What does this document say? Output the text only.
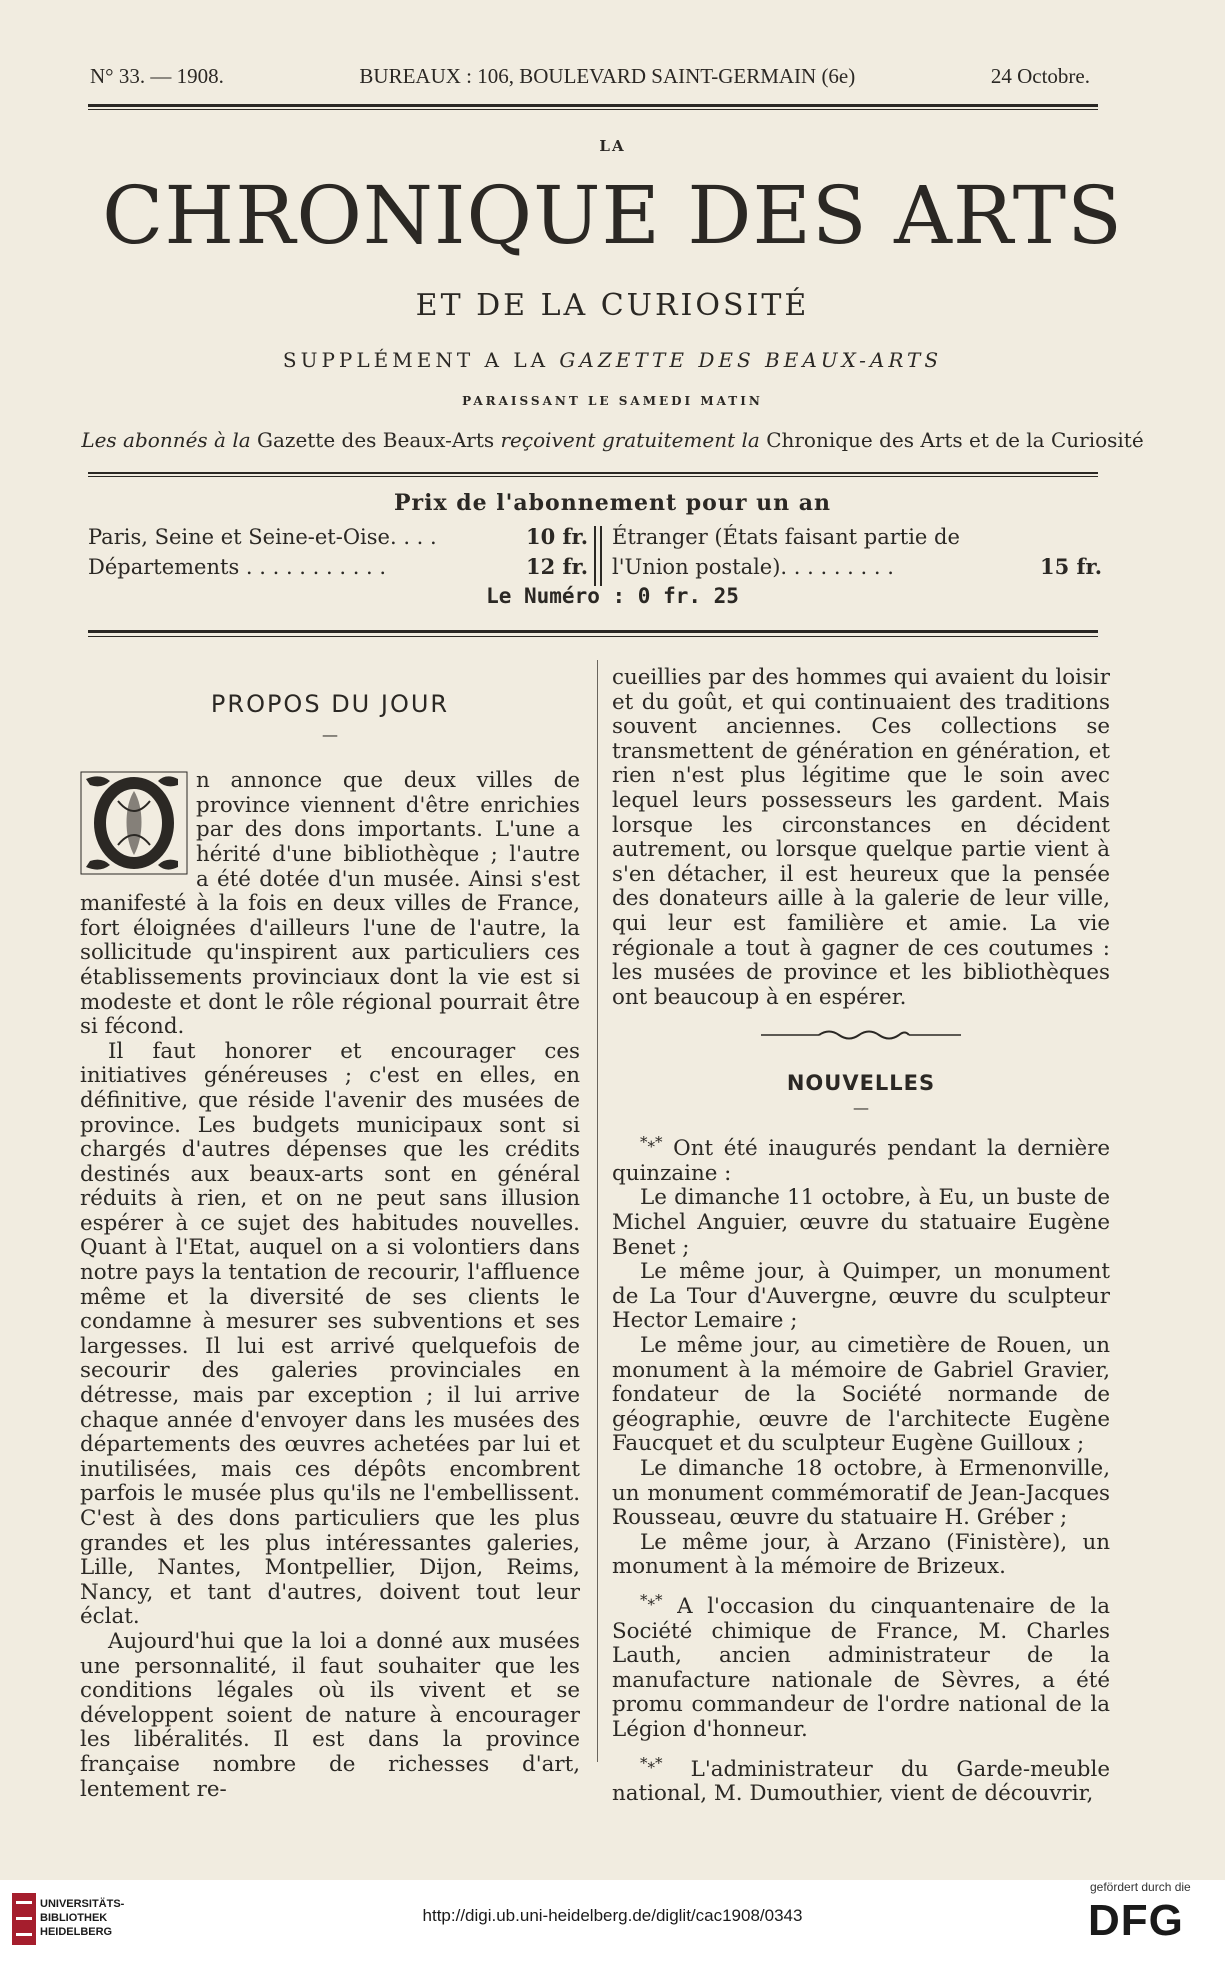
N° 33. — 1908.	BUREAUX : 106, BOULEVARD SAINT-GERMAIN (6e)	24 Octobre.
LA
CHRONIQUE DES ARTS
ET DE LA CURIOSITÉ
SUPPLÉMENT A LA GAZETTE DES BEAUX-ARTS
PARAISSANT LE SAMEDI MATIN
Les abonnés à la Gazette des Beaux-Arts reçoivent gratuitement la Chronique des Arts et de la Curiosité
Prix de l'abonnement pour un an
Paris, Seine et Seine-et-Oise. . . .	10 fr.
Départements . . . . . . . . . . .	12 fr.
Étranger (États faisant partie de
l'Union postale). . . . . . . . .	15 fr.
Le Numéro : 0 fr. 25
PROPOS DU JOUR
—

n annonce que deux villes de province viennent d'être enrichies par des dons importants. L'une a hérité d'une bibliothèque ; l'autre a été dotée d'un musée. Ainsi s'est manifesté à la fois en deux villes de France, fort éloignées d'ailleurs l'une de l'autre, la sollicitude qu'inspirent aux particuliers ces établissements provinciaux dont la vie est si modeste et dont le rôle régional pourrait être si fécond.

Il faut honorer et encourager ces initiatives généreuses ; c'est en elles, en définitive, que réside l'avenir des musées de province. Les budgets municipaux sont si chargés d'autres dépenses que les crédits destinés aux beaux-arts sont en général réduits à rien, et on ne peut sans illusion espérer à ce sujet des habitudes nouvelles. Quant à l'Etat, auquel on a si volontiers dans notre pays la tentation de recourir, l'affluence même et la diversité de ses clients le condamne à mesurer ses subventions et ses largesses. Il lui est arrivé quelquefois de secourir des galeries provinciales en détresse, mais par exception ; il lui arrive chaque année d'envoyer dans les musées des départements des œuvres achetées par lui et inutilisées, mais ces dépôts encombrent parfois le musée plus qu'ils ne l'embellissent. C'est à des dons particuliers que les plus grandes et les plus intéressantes galeries, Lille, Nantes, Montpellier, Dijon, Reims, Nancy, et tant d'autres, doivent tout leur éclat.

Aujourd'hui que la loi a donné aux musées une personnalité, il faut souhaiter que les conditions légales où ils vivent et se développent soient de nature à encourager les libéralités. Il est dans la province française nombre de richesses d'art, lentement re-

cueillies par des hommes qui avaient du loisir et du goût, et qui continuaient des traditions souvent anciennes. Ces collections se transmettent de génération en génération, et rien n'est plus légitime que le soin avec lequel leurs possesseurs les gardent. Mais lorsque les circonstances en décident autrement, ou lorsque quelque partie vient à s'en détacher, il est heureux que la pensée des donateurs aille à la galerie de leur ville, qui leur est familière et amie. La vie régionale a tout à gagner de ces coutumes : les musées de province et les bibliothèques ont beaucoup à en espérer.

NOUVELLES
—

*⁎* Ont été inaugurés pendant la dernière quinzaine :

Le dimanche 11 octobre, à Eu, un buste de Michel Anguier, œuvre du statuaire Eugène Benet ;

Le même jour, à Quimper, un monument de La Tour d'Auvergne, œuvre du sculpteur Hector Lemaire ;

Le même jour, au cimetière de Rouen, un monument à la mémoire de Gabriel Gravier, fondateur de la Société normande de géographie, œuvre de l'architecte Eugène Faucquet et du sculpteur Eugène Guilloux ;

Le dimanche 18 octobre, à Ermenonville, un monument commémoratif de Jean-Jacques Rousseau, œuvre du statuaire H. Gréber ;

Le même jour, à Arzano (Finistère), un monument à la mémoire de Brizeux.

*⁎* A l'occasion du cinquantenaire de la Société chimique de France, M. Charles Lauth, ancien administrateur de la manufacture nationale de Sèvres, a été promu commandeur de l'ordre national de la Légion d'honneur.

*⁎* L'administrateur du Garde-meuble national, M. Dumouthier, vient de découvrir,

UNIVERSITÄTS-
BIBLIOTHEK
HEIDELBERG
http://digi.ub.uni-heidelberg.de/diglit/cac1908/0343
gefördert durch die
DFG
